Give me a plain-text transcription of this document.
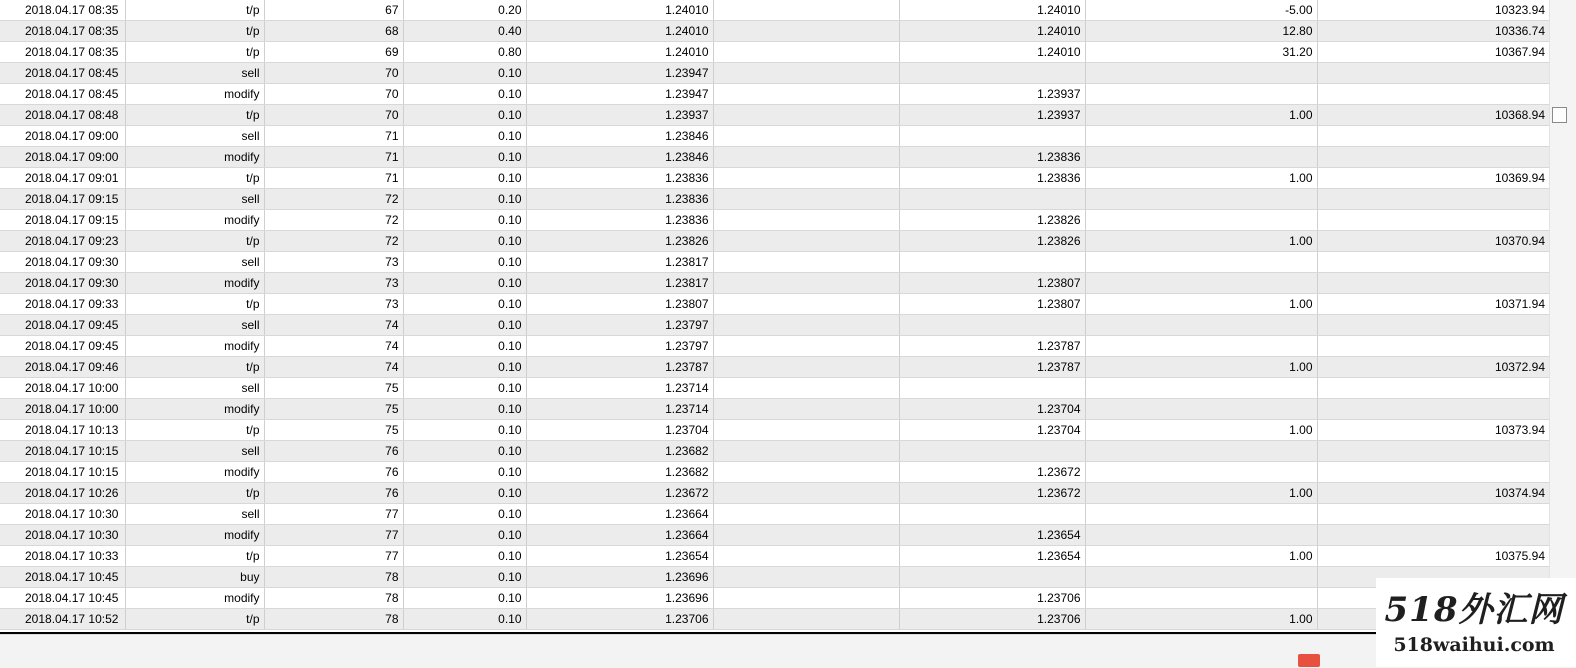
2018.04.17 08:35	t/p	67	0.20	1.24010		1.24010	-5.00	10323.94
2018.04.17 08:35	t/p	68	0.40	1.24010		1.24010	12.80	10336.74
2018.04.17 08:35	t/p	69	0.80	1.24010		1.24010	31.20	10367.94
2018.04.17 08:45	sell	70	0.10	1.23947				
2018.04.17 08:45	modify	70	0.10	1.23947		1.23937		
2018.04.17 08:48	t/p	70	0.10	1.23937		1.23937	1.00	10368.94
2018.04.17 09:00	sell	71	0.10	1.23846				
2018.04.17 09:00	modify	71	0.10	1.23846		1.23836		
2018.04.17 09:01	t/p	71	0.10	1.23836		1.23836	1.00	10369.94
2018.04.17 09:15	sell	72	0.10	1.23836				
2018.04.17 09:15	modify	72	0.10	1.23836		1.23826		
2018.04.17 09:23	t/p	72	0.10	1.23826		1.23826	1.00	10370.94
2018.04.17 09:30	sell	73	0.10	1.23817				
2018.04.17 09:30	modify	73	0.10	1.23817		1.23807		
2018.04.17 09:33	t/p	73	0.10	1.23807		1.23807	1.00	10371.94
2018.04.17 09:45	sell	74	0.10	1.23797				
2018.04.17 09:45	modify	74	0.10	1.23797		1.23787		
2018.04.17 09:46	t/p	74	0.10	1.23787		1.23787	1.00	10372.94
2018.04.17 10:00	sell	75	0.10	1.23714				
2018.04.17 10:00	modify	75	0.10	1.23714		1.23704		
2018.04.17 10:13	t/p	75	0.10	1.23704		1.23704	1.00	10373.94
2018.04.17 10:15	sell	76	0.10	1.23682				
2018.04.17 10:15	modify	76	0.10	1.23682		1.23672		
2018.04.17 10:26	t/p	76	0.10	1.23672		1.23672	1.00	10374.94
2018.04.17 10:30	sell	77	0.10	1.23664				
2018.04.17 10:30	modify	77	0.10	1.23664		1.23654		
2018.04.17 10:33	t/p	77	0.10	1.23654		1.23654	1.00	10375.94
2018.04.17 10:45	buy	78	0.10	1.23696				
2018.04.17 10:45	modify	78	0.10	1.23696		1.23706		
2018.04.17 10:52	t/p	78	0.10	1.23706		1.23706	1.00	518外汇网
518waihui.com
